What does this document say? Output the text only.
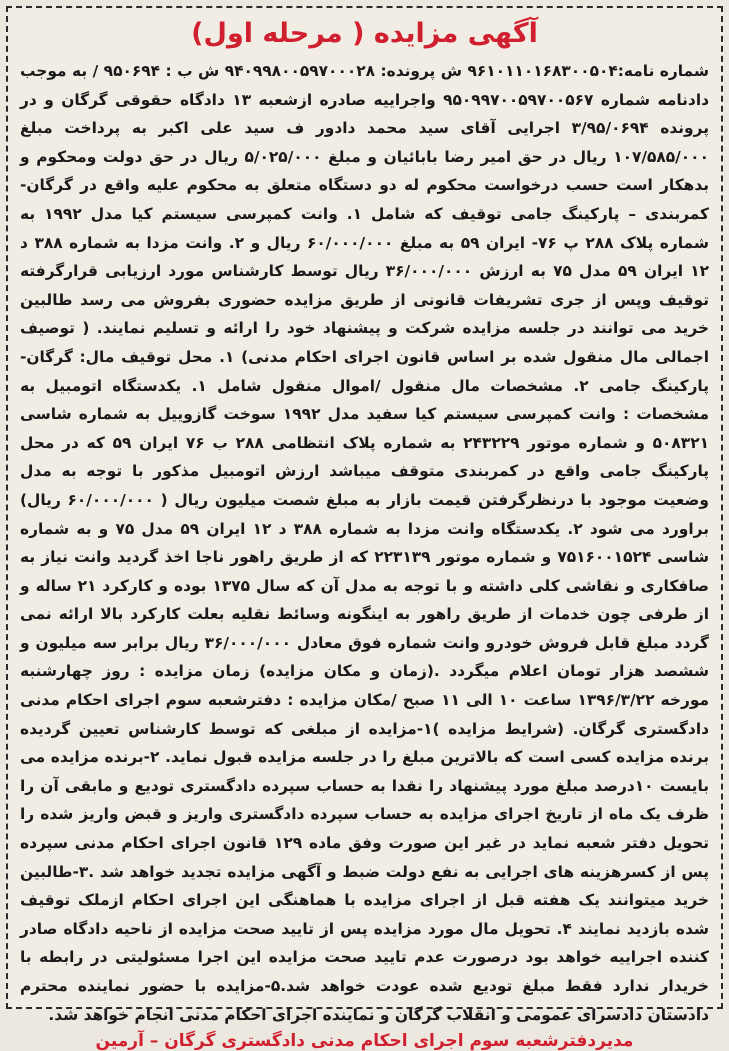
آگهی مزایده ( مرحله اول)

شماره نامه:۹۶۱۰۱۱۰۱۶۸۳۰۰۵۰۴ ش پرونده: ۹۴۰۹۹۸۰۰۵۹۷۰۰۰۲۸ ش ب : ۹۵۰۶۹۴ / به موجب دادنامه شماره ۹۵۰۹۹۷۰۰۵۹۷۰۰۵۶۷ واجراییه صادره ازشعبه ۱۳ دادگاه حقوقی گرگان و در پرونده ۳/۹۵/۰۶۹۴ اجرایی آقای سید محمد دادور ف سید علی اکبر به پرداخت مبلغ ۱۰۷/۵۸۵/۰۰۰ ریال در حق امیر رضا بابائیان و مبلغ ۵/۰۲۵/۰۰۰ ریال در حق دولت ومحکوم و بدهکار است حسب درخواست محکوم له دو دستگاه متعلق به محکوم علیه واقع در گرگان- کمربندی – پارکینگ جامی توقیف که شامل ۱. وانت کمپرسی سیستم کیا مدل ۱۹۹۲ به شماره پلاک ۲۸۸ پ ۷۶- ایران ۵۹ به مبلغ ۶۰/۰۰۰/۰۰۰ ریال و ۲. وانت مزدا به شماره ۳۸۸ د ۱۲ ایران ۵۹ مدل ۷۵ به ارزش ۳۶/۰۰۰/۰۰۰ ریال توسط کارشناس مورد ارزیابی قرارگرفته توقیف وپس از جری تشریفات قانونی از طریق مزایده حضوری بفروش می رسد طالبین خرید می توانند در جلسه مزایده شرکت و پیشنهاد خود را ارائه و تسلیم نمایند. ( توصیف اجمالی مال منقول شده بر اساس قانون اجرای احکام مدنی) ۱. محل توقیف مال: گرگان- پارکینگ جامی ۲. مشخصات مال منقول /اموال منقول شامل ۱. یکدستگاه اتومبیل به مشخصات : وانت کمپرسی سیستم کیا سفید مدل ۱۹۹۲ سوخت گازوییل به شماره شاسی ۵۰۸۳۲۱ و شماره موتور ۲۴۳۲۲۹ به شماره پلاک انتظامی ۲۸۸ ب ۷۶ ایران ۵۹ که در محل پارکینگ جامی واقع در کمربندی متوقف میباشد ارزش اتومبیل مذکور با توجه به مدل وضعیت موجود با درنظرگرفتن قیمت بازار به مبلغ شصت میلیون ریال ( ۶۰/۰۰۰/۰۰۰ ریال) براورد می شود ۲. یکدستگاه وانت مزدا به شماره ۳۸۸ د ۱۲ ایران ۵۹ مدل ۷۵ و به شماره شاسی ۷۵۱۶۰۰۱۵۲۴ و شماره موتور ۲۲۳۱۳۹ که از طریق راهور ناجا اخذ گردید وانت نیاز به صافکاری و نقاشی کلی داشته و با توجه به مدل آن که سال ۱۳۷۵ بوده و کارکرد ۲۱ ساله و از طرفی چون خدمات از طریق راهور به اینگونه وسائط نقلیه بعلت کارکرد بالا ارائه نمی گردد مبلغ قابل فروش خودرو وانت شماره فوق معادل ۳۶/۰۰۰/۰۰۰ ریال برابر سه میلیون و ششصد هزار تومان اعلام میگردد .(زمان و مکان مزایده) زمان مزایده : روز چهارشنبه مورخه ۱۳۹۶/۳/۲۲ ساعت ۱۰ الی ۱۱ صبح /مکان مزایده : دفترشعبه سوم اجرای احکام مدنی دادگستری گرگان. (شرایط مزایده )۱-مزایده از مبلغی که توسط کارشناس تعیین گردیده برنده مزایده کسی است که بالاترین مبلغ را در جلسه مزایده قبول نماید. ۲-برنده مزایده می بایست ۱۰درصد مبلغ مورد پیشنهاد را نقدا به حساب سپرده دادگستری تودیع و مابقی آن را ظرف یک ماه از تاریخ اجرای مزایده به حساب سپرده دادگستری واریز و قبض واریز شده را تحویل دفتر شعبه نماید در غیر این صورت وفق ماده ۱۲۹ قانون اجرای احکام مدنی سپرده پس از کسرهزینه های اجرایی به نفع دولت ضبط و آگهی مزایده تجدید خواهد شد .۳-طالبین خرید میتوانند یک هفته قبل از اجرای مزایده با هماهنگی این اجرای احکام ازملک توقیف شده بازدید نمایند ۴. تحویل مال مورد مزایده پس از تایید صحت مزایده از ناحیه دادگاه صادر کننده اجراییه خواهد بود درصورت عدم تایید صحت مزایده این اجرا مسئولیتی در رابطه با خریدار ندارد فقط مبلغ تودیع شده عودت خواهد شد.۵-مزایده با حضور نماینده محترم دادستان دادسرای عمومی و انقلاب گرگان و نماینده اجرای احکام مدنی انجام خواهد شد.

مدیردفترشعبه سوم اجرای احکام مدنی دادگستری گرگان – آرمین
